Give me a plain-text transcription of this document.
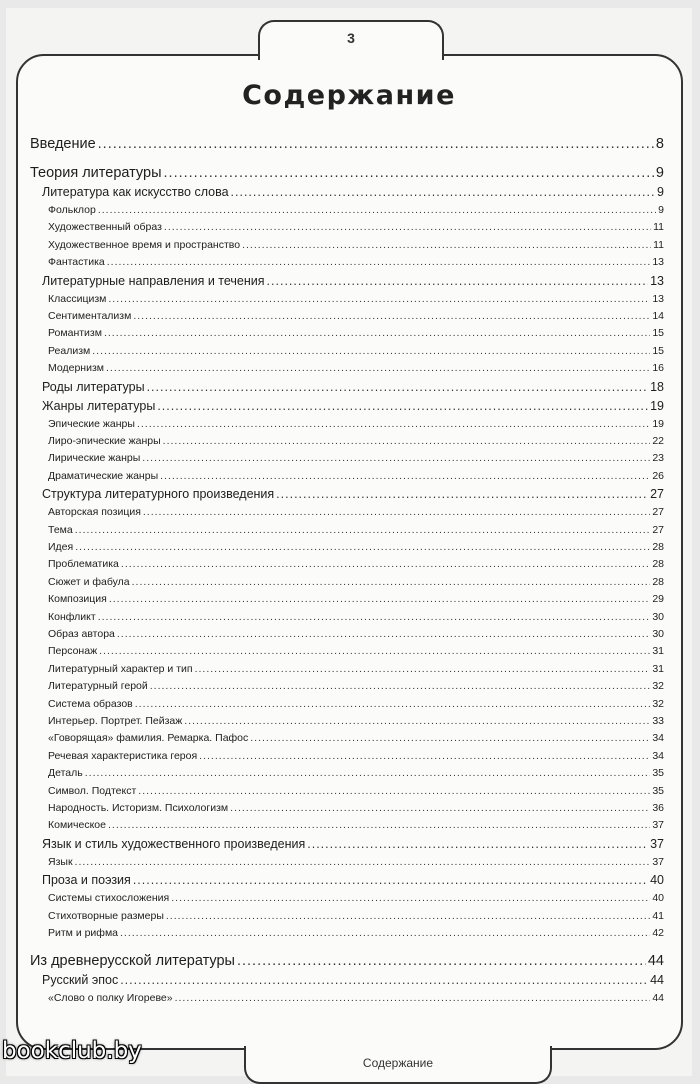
3
Содержание
Введение .....	8
Теория литературы .....	9
Литература как искусство слова .....	9
Фольклор .....	9
Художественный образ .....	11
Художественное время и пространство .....	11
Фантастика .....	13
Литературные направления и течения .....	13
Классицизм .....	13
Сентиментализм .....	14
Романтизм .....	15
Реализм .....	15
Модернизм .....	16
Роды литературы .....	18
Жанры литературы .....	19
Эпические жанры .....	19
Лиро-эпические жанры .....	22
Лирические жанры .....	23
Драматические жанры .....	26
Структура литературного произведения .....	27
Авторская позиция .....	27
Тема .....	27
Идея .....	28
Проблематика .....	28
Сюжет и фабула .....	28
Композиция .....	29
Конфликт .....	30
Образ автора .....	30
Персонаж .....	31
Литературный характер и тип .....	31
Литературный герой .....	32
Система образов .....	32
Интерьер. Портрет. Пейзаж .....	33
«Говорящая» фамилия. Ремарка. Пафос .....	34
Речевая характеристика героя .....	34
Деталь .....	35
Символ. Подтекст .....	35
Народность. Историзм. Психологизм .....	36
Комическое .....	37
Язык и стиль художественного произведения .....	37
Язык .....	37
Проза и поэзия .....	40
Системы стихосложения .....	40
Стихотворные размеры .....	41
Ритм и рифма .....	42
Из древнерусской литературы .....	44
Русский эпос .....	44
«Слово о полку Игореве» .....	44
Содержание
bookclub.by
